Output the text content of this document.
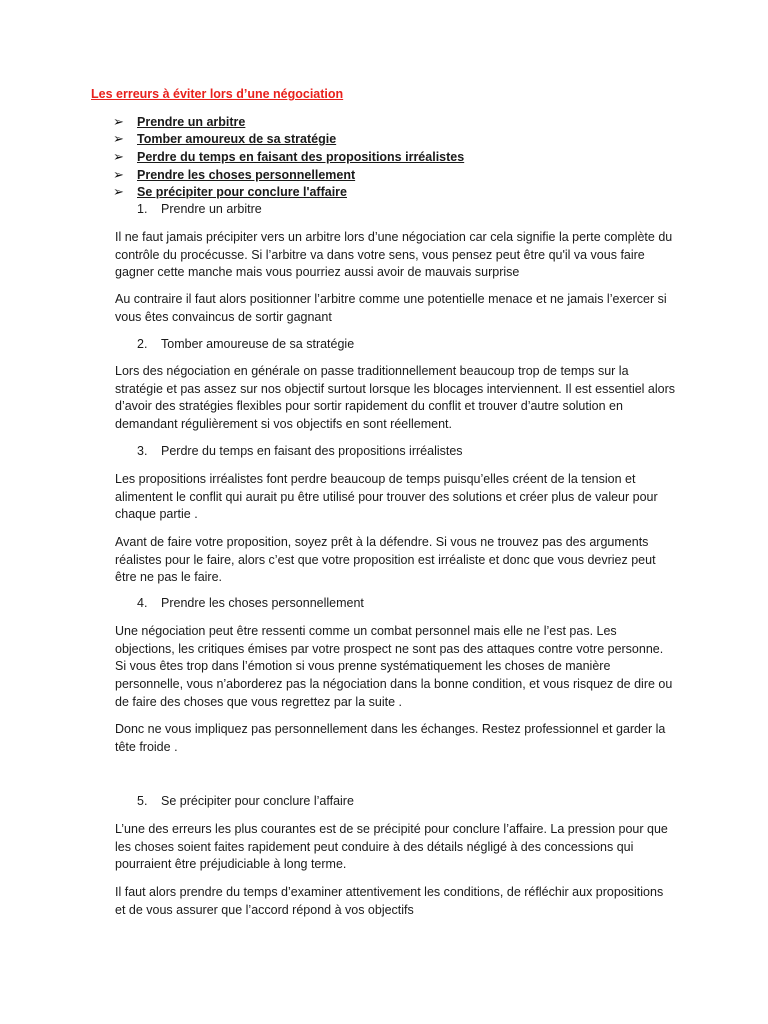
Les erreurs à éviter lors d’une négociation
➢	Prendre un arbitre
➢	Tomber amoureux de sa stratégie
➢	Perdre du temps en faisant des propositions irréalistes
➢	Prendre les choses personnellement
➢	Se précipiter pour conclure l'affaire
1. Prendre un arbitre
Il ne faut jamais précipiter vers un arbitre lors d’une négociation car cela signifie la perte complète du contrôle du procécusse. Si l’arbitre va dans votre sens, vous pensez peut être qu'il va vous faire gagner cette manche mais vous pourriez aussi avoir de mauvais surprise
Au contraire il faut alors positionner l’arbitre comme une potentielle menace et ne jamais l’exercer si vous êtes convaincus de sortir gagnant
2. Tomber amoureuse de sa stratégie
Lors des négociation en générale on passe traditionnellement beaucoup trop de temps sur la stratégie et pas assez sur nos objectif surtout lorsque les blocages interviennent. Il est essentiel alors d’avoir des stratégies flexibles pour sortir rapidement du conflit et trouver d’autre solution en demandant régulièrement si vos objectifs en sont réellement.
3. Perdre du temps en faisant des propositions irréalistes
Les propositions irréalistes font perdre beaucoup de temps puisqu’elles créent de la tension et alimentent le conflit qui aurait pu être utilisé pour trouver des solutions et créer plus de valeur pour chaque partie .
Avant de faire votre proposition, soyez prêt à la défendre. Si vous ne trouvez pas des arguments réalistes pour le faire, alors c’est que votre proposition est irréaliste et donc que vous devriez peut être ne pas le faire.
4. Prendre les choses personnellement
Une négociation peut être ressenti comme un combat personnel mais elle ne l’est pas. Les objections, les critiques émises par votre prospect ne sont pas des attaques contre votre personne. Si vous êtes trop dans l’émotion si vous prenne systématiquement les choses de manière personnelle, vous n’aborderez pas la négociation dans la bonne condition, et vous risquez de dire ou de faire des choses que vous regrettez par la suite .
Donc ne vous impliquez pas personnellement dans les échanges. Restez professionnel et garder la tête froide .
5. Se précipiter pour conclure l’affaire
L’une des erreurs les plus courantes est de se précipité pour conclure l’affaire. La pression pour que les choses soient faites rapidement peut conduire à des détails négligé à des concessions qui pourraient être préjudiciable à long terme.
Il faut alors prendre du temps d’examiner attentivement les conditions, de réfléchir aux propositions et de vous assurer que l’accord répond à vos objectifs
